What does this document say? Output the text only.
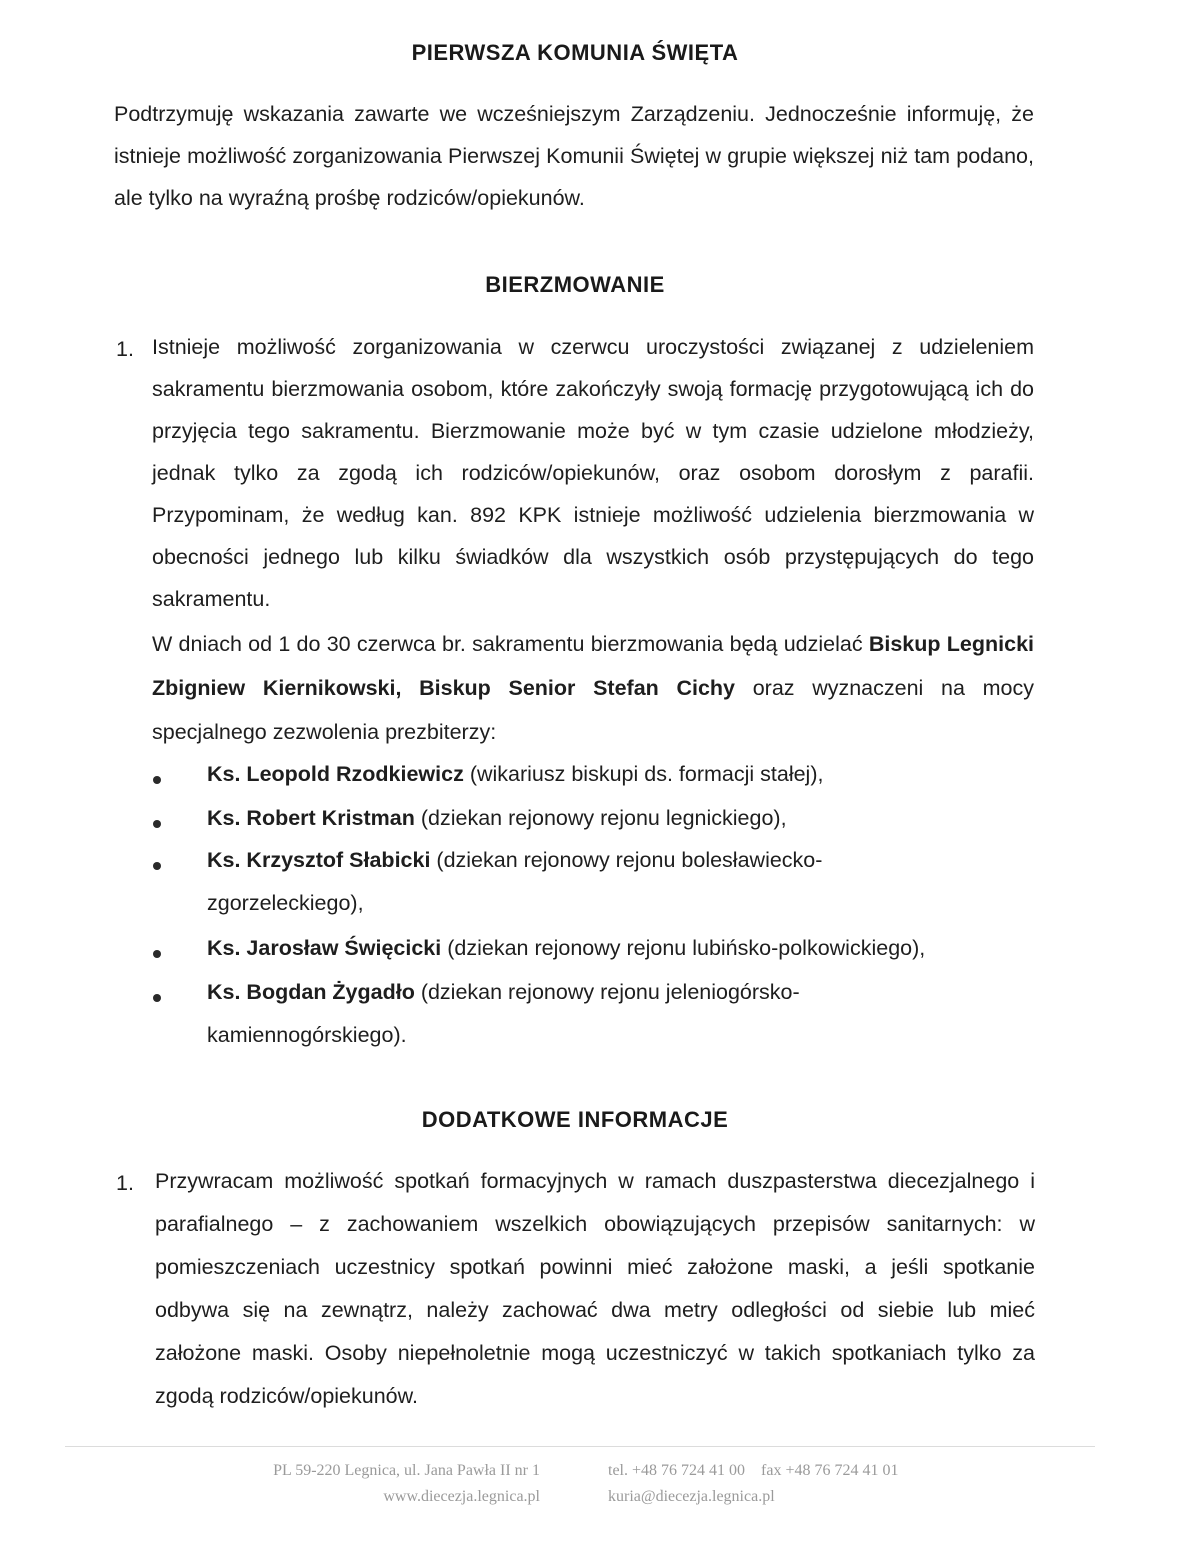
PIERWSZA KOMUNIA ŚWIĘTA
Podtrzymuję wskazania zawarte we wcześniejszym Zarządzeniu. Jednocześnie informuję, że istnieje możliwość zorganizowania Pierwszej Komunii Świętej w grupie większej niż tam podano, ale tylko na wyraźną prośbę rodziców/opiekunów.
BIERZMOWANIE
1. Istnieje możliwość zorganizowania w czerwcu uroczystości związanej z udzieleniem sakramentu bierzmowania osobom, które zakończyły swoją formację przygotowującą ich do przyjęcia tego sakramentu. Bierzmowanie może być w tym czasie udzielone młodzieży, jednak tylko za zgodą ich rodziców/opiekunów, oraz osobom dorosłym z parafii. Przypominam, że według kan. 892 KPK istnieje możliwość udzielenia bierzmowania w obecności jednego lub kilku świadków dla wszystkich osób przystępujących do tego sakramentu.
W dniach od 1 do 30 czerwca br. sakramentu bierzmowania będą udzielać Biskup Legnicki Zbigniew Kiernikowski, Biskup Senior Stefan Cichy oraz wyznaczeni na mocy specjalnego zezwolenia prezbiterzy:
Ks. Leopold Rzodkiewicz (wikariusz biskupi ds. formacji stałej),
Ks. Robert Kristman (dziekan rejonowy rejonu legnickiego),
Ks. Krzysztof Słabicki (dziekan rejonowy rejonu bolesławiecko-zgorzeleckiego),
Ks. Jarosław Święcicki (dziekan rejonowy rejonu lubińsko-polkowickiego),
Ks. Bogdan Żygadło (dziekan rejonowy rejonu jeleniogórsko-kamiennogórskiego).
DODATKOWE INFORMACJE
1. Przywracam możliwość spotkań formacyjnych w ramach duszpasterstwa diecezjalnego i parafialnego – z zachowaniem wszelkich obowiązujących przepisów sanitarnych: w pomieszczeniach uczestnicy spotkań powinni mieć założone maski, a jeśli spotkanie odbywa się na zewnątrz, należy zachować dwa metry odległości od siebie lub mieć założone maski. Osoby niepełnoletnie mogą uczestniczyć w takich spotkaniach tylko za zgodą rodziców/opiekunów.
PL 59-220 Legnica, ul. Jana Pawła II nr 1
www.diecezja.legnica.pl
tel. +48 76 724 41 00 fax +48 76 724 41 01
kuria@diecezja.legnica.pl
